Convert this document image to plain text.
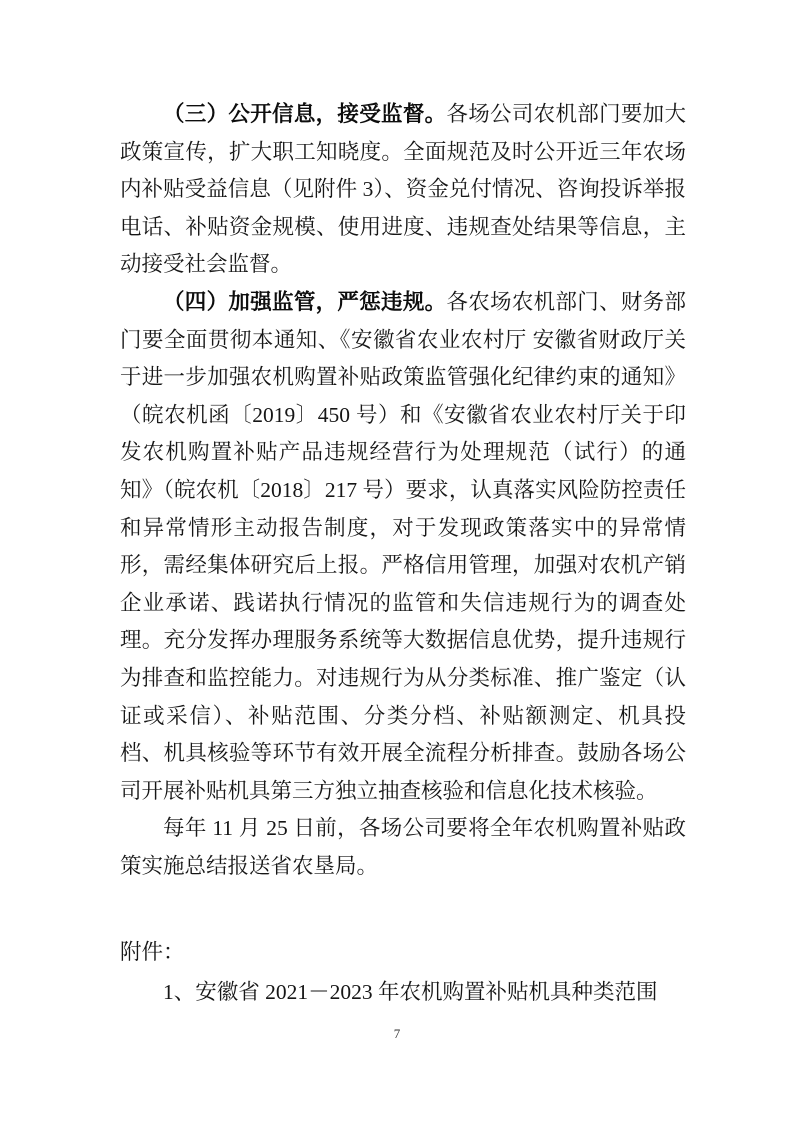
（三）公开信息，接受监督。各场公司农机部门要加大政策宣传，扩大职工知晓度。全面规范及时公开近三年农场内补贴受益信息（见附件 3）、资金兑付情况、咨询投诉举报电话、补贴资金规模、使用进度、违规查处结果等信息，主动接受社会监督。

（四）加强监管，严惩违规。各农场农机部门、财务部门要全面贯彻本通知、《安徽省农业农村厅 安徽省财政厅关于进一步加强农机购置补贴政策监管强化纪律约束的通知》（皖农机函〔2019〕450 号）和《安徽省农业农村厅关于印发农机购置补贴产品违规经营行为处理规范（试行）的通知》（皖农机〔2018〕217 号）要求，认真落实风险防控责任和异常情形主动报告制度，对于发现政策落实中的异常情形，需经集体研究后上报。严格信用管理，加强对农机产销企业承诺、践诺执行情况的监管和失信违规行为的调查处理。充分发挥办理服务系统等大数据信息优势，提升违规行为排查和监控能力。对违规行为从分类标准、推广鉴定（认证或采信）、补贴范围、分类分档、补贴额测定、机具投档、机具核验等环节有效开展全流程分析排查。鼓励各场公司开展补贴机具第三方独立抽查核验和信息化技术核验。

每年 11 月 25 日前，各场公司要将全年农机购置补贴政策实施总结报送省农垦局。

附件：

1、安徽省 2021－2023 年农机购置补贴机具种类范围

7
